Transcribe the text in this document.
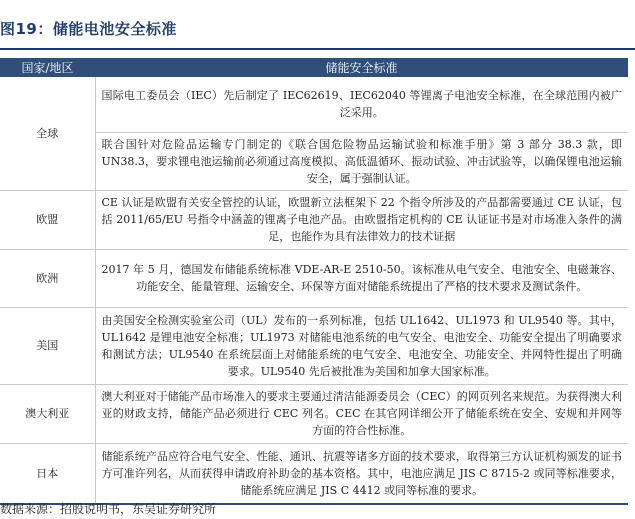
图19：储能电池安全标准
国家/地区	储能安全标准
全球	国际电工委员会（IEC）先后制定了 IEC62619、IEC62040 等锂离子电池安全标准，在全球范围内被广泛采用。
	联合国针对危险品运输专门制定的《联合国危险物品运输试验和标准手册》第 3 部分 38.3 款，即 UN38.3，要求锂电池运输前必须通过高度模拟、高低温循环、振动试验、冲击试验等，以确保锂电池运输安全，属于强制认证。
欧盟	CE 认证是欧盟有关安全管控的认证，欧盟新立法框架下 22 个指令所涉及的产品都需要通过 CE 认证，包括 2011/65/EU 号指令中涵盖的锂离子电池产品。由欧盟指定机构的 CE 认证证书是对市场准入条件的满足，也能作为具有法律效力的技术证据
欧洲	2017 年 5 月，德国发布储能系统标准 VDE-AR-E 2510-50。该标准从电气安全、电池安全、电磁兼容、功能安全、能量管理、运输安全、环保等方面对储能系统提出了严格的技术要求及测试条件。
美国	由美国安全检测实验室公司（UL）发布的一系列标准，包括 UL1642、UL1973 和 UL9540 等。其中，UL1642 是锂电池安全标准；UL1973 对储能电池系统的电气安全、电池安全、功能安全提出了明确要求和测试方法；UL9540 在系统层面上对储能系统的电气安全、电池安全、功能安全、并网特性提出了明确要求。UL9540 先后被批准为美国和加拿大国家标准。
澳大利亚	澳大利亚对于储能产品市场准入的要求主要通过清洁能源委员会（CEC）的网页列名来规范。为获得澳大利亚的财政支持，储能产品必须进行 CEC 列名。CEC 在其官网详细公开了储能系统在安全、安规和并网等方面的符合性标准。
日本	储能系统产品应符合电气安全、性能、通讯、抗震等诸多方面的技术要求，取得第三方认证机构颁发的证书方可准许列名，从而获得申请政府补助金的基本资格。其中，电池应满足 JIS C 8715-2 或同等标准要求，储能系统应满足 JIS C 4412 或同等标准的要求。
数据来源：招股说明书，东吴证券研究所
